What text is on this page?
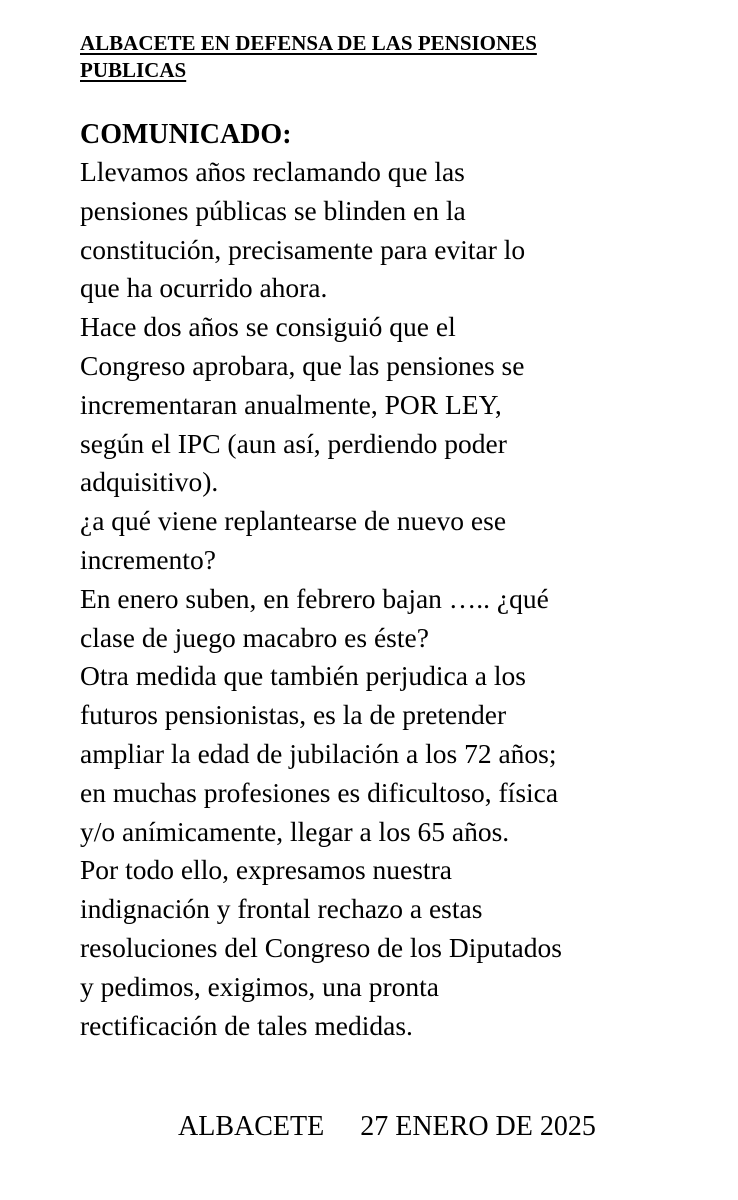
ALBACETE EN DEFENSA DE LAS PENSIONES
PUBLICAS
COMUNICADO:
Llevamos años reclamando que las
pensiones públicas se blinden en la
constitución, precisamente para evitar lo
que ha ocurrido ahora.
Hace dos años se consiguió que el
Congreso aprobara, que las pensiones se
incrementaran anualmente, POR LEY,
según el IPC (aun así, perdiendo poder
adquisitivo).
¿a qué viene replantearse de nuevo ese
incremento?
En enero suben, en febrero bajan ….. ¿qué
clase de juego macabro es éste?
Otra medida que también perjudica a los
futuros pensionistas, es la de pretender
ampliar la edad de jubilación a los 72 años;
en muchas profesiones es dificultoso, física
y/o anímicamente, llegar a los 65 años.
Por todo ello, expresamos nuestra
indignación y frontal rechazo a estas
resoluciones del Congreso de los Diputados
y pedimos, exigimos, una pronta
rectificación de tales medidas.
ALBACETE 27 ENERO DE 2025
